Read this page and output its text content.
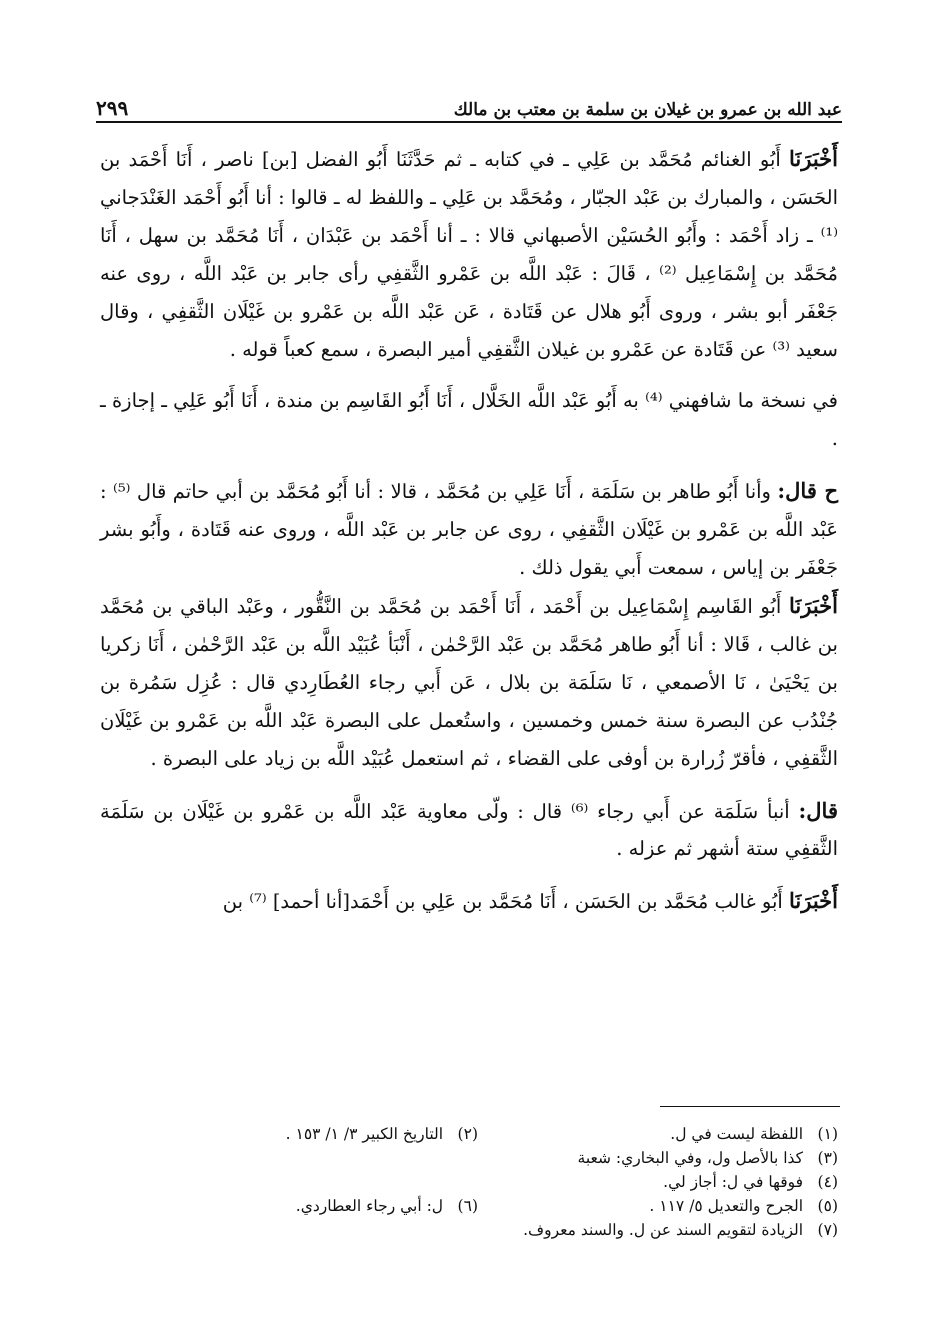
عبد الله بن عمرو بن غيلان بن سلمة بن معتب بن مالك
٢٩٩

أَخْبَرَنَا أَبُو الغنائم مُحَمَّد بن عَلِي ـ في كتابه ـ ثم حَدَّثَنَا أَبُو الفضل [بن] ناصر ، أَنَا أَحْمَد بن الحَسَن ، والمبارك بن عَبْد الجبّار ، ومُحَمَّد بن عَلِي ـ واللفظ له ـ قالوا : أنا أَبُو أَحْمَد الغَنْدَجاني ⁽¹⁾ ـ زاد أَحْمَد : وأَبُو الحُسَيْن الأصبهاني قالا : ـ أنا أَحْمَد بن عَبْدَان ، أَنَا مُحَمَّد بن سهل ، أَنَا مُحَمَّد بن إِسْمَاعِيل ⁽²⁾ ، قَالَ : عَبْد اللَّه بن عَمْرو الثَّقفِي رأى جابر بن عَبْد اللَّه ، روى عنه جَعْفَر أبو بشر ، وروى أَبُو هلال عن قَتَادة ، عَن عَبْد اللَّه بن عَمْرو بن غَيْلَان الثَّقفِي ، وقال سعيد ⁽³⁾ عن قَتَادة عن عَمْرو بن غيلان الثَّقفِي أمير البصرة ، سمع كعباً قوله .

في نسخة ما شافهني ⁽⁴⁾ به أَبُو عَبْد اللَّه الخَلَّال ، أَنَا أَبُو القَاسِم بن مندة ، أَنَا أَبُو عَلِي ـ إجازة ـ .

ح قال: وأنا أَبُو طاهر بن سَلَمَة ، أَنَا عَلِي بن مُحَمَّد ، قالا : أنا أَبُو مُحَمَّد بن أبي حاتم قال ⁽⁵⁾ : عَبْد اللَّه بن عَمْرو بن غَيْلَان الثَّقفِي ، روى عن جابر بن عَبْد اللَّه ، وروى عنه قَتَادة ، وأَبُو بشر جَعْفَر بن إياس ، سمعت أَبي يقول ذلك .

أَخْبَرَنَا أَبُو القَاسِم إِسْمَاعِيل بن أَحْمَد ، أَنَا أَحْمَد بن مُحَمَّد بن النَّقُّور ، وعَبْد الباقي بن مُحَمَّد بن غالب ، قَالا : أنا أَبُو طاهر مُحَمَّد بن عَبْد الرَّحْمٰن ، أَنْبَأ عُبَيْد اللَّه بن عَبْد الرَّحْمٰن ، أَنَا زكريا بن يَحْيَىٰ ، نَا الأصمعي ، نَا سَلَمَة بن بلال ، عَن أَبي رجاء العُطَارِدي قال : عُزِل سَمُرة بن جُنْدُب عن البصرة سنة خمس وخمسين ، واستُعمل على البصرة عَبْد اللَّه بن عَمْرو بن غَيْلَان الثَّقفِي ، فأقرّ زُرارة بن أوفى على القضاء ، ثم استعمل عُبَيْد اللَّه بن زياد على البصرة .

قال: أنبأ سَلَمَة عن أَبي رجاء ⁽⁶⁾ قال : ولّى معاوية عَبْد اللَّه بن عَمْرو بن غَيْلَان بن سَلَمَة الثَّقفِي ستة أشهر ثم عزله .

أَخْبَرَنَا أَبُو غالب مُحَمَّد بن الحَسَن ، أَنَا مُحَمَّد بن عَلِي بن أَحْمَد[أنا أحمد] ⁽⁷⁾ بن

(١) اللفظة ليست في ل.
(٢) التاريخ الكبير ٣/ ١/ ١٥٣ .
(٣) كذا بالأصل ول، وفي البخاري: شعبة
(٤) فوقها في ل: أجاز لي.
(٥) الجرح والتعديل ٥/ ١١٧ .
(٦) ل: أبي رجاء العطاردي.
(٧) الزيادة لتقويم السند عن ل. والسند معروف.
